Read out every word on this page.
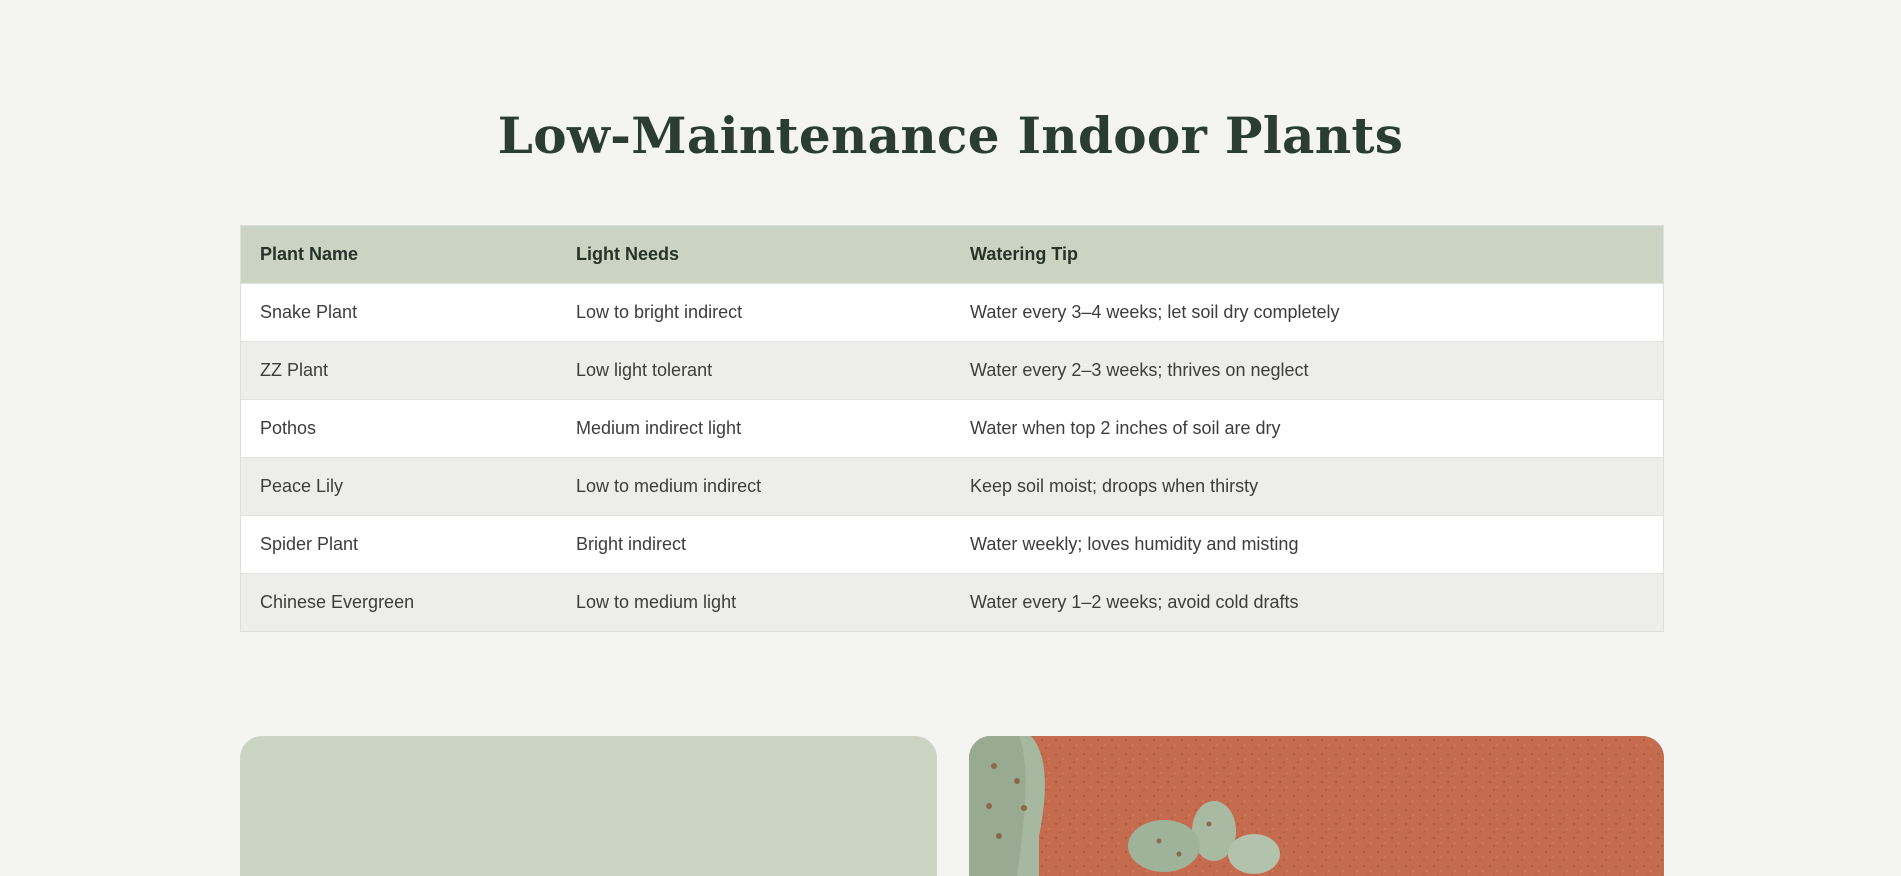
Low-Maintenance Indoor Plants
Plant Name	Light Needs	Watering Tip
Snake Plant	Low to bright indirect	Water every 3–4 weeks; let soil dry completely
ZZ Plant	Low light tolerant	Water every 2–3 weeks; thrives on neglect
Pothos	Medium indirect light	Water when top 2 inches of soil are dry
Peace Lily	Low to medium indirect	Keep soil moist; droops when thirsty
Spider Plant	Bright indirect	Water weekly; loves humidity and misting
Chinese Evergreen	Low to medium light	Water every 1–2 weeks; avoid cold drafts
